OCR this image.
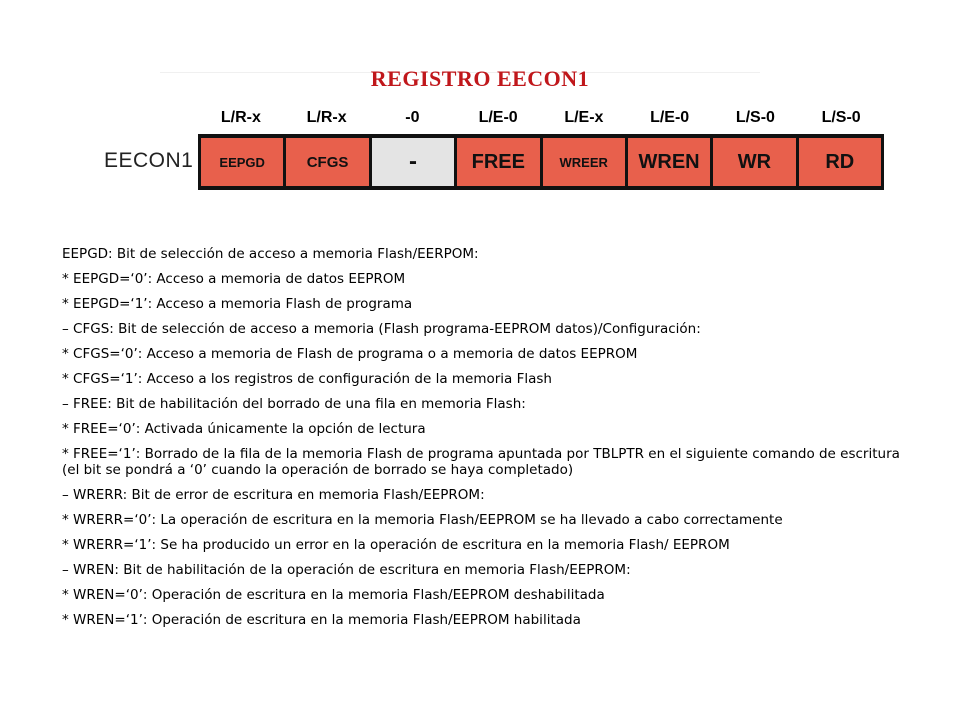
REGISTRO EECON1
L/R-x	L/R-x	-0	L/E-0	L/E-x	L/E-0	L/S-0	L/S-0
EECON1	EEPGD	CFGS	-	FREE	WREER	WREN	WR	RD
EEPGD: Bit de selección de acceso a memoria Flash/EERPOM:
* EEPGD=‘0’: Acceso a memoria de datos EEPROM
* EEPGD=‘1’: Acceso a memoria Flash de programa
– CFGS: Bit de selección de acceso a memoria (Flash programa-EEPROM datos)/Configuración:
* CFGS=‘0’: Acceso a memoria de Flash de programa o a memoria de datos EEPROM
* CFGS=‘1’: Acceso a los registros de configuración de la memoria Flash
– FREE: Bit de habilitación del borrado de una fila en memoria Flash:
* FREE=‘0’: Activada únicamente la opción de lectura
* FREE=‘1’: Borrado de la fila de la memoria Flash de programa apuntada por TBLPTR en el siguiente comando de escritura (el bit se pondrá a ‘0’ cuando la operación de borrado se haya completado)
– WRERR: Bit de error de escritura en memoria Flash/EEPROM:
* WRERR=‘0’: La operación de escritura en la memoria Flash/EEPROM se ha llevado a cabo correctamente
* WRERR=‘1’: Se ha producido un error en la operación de escritura en la memoria Flash/ EEPROM
– WREN: Bit de habilitación de la operación de escritura en memoria Flash/EEPROM:
* WREN=‘0’: Operación de escritura en la memoria Flash/EEPROM deshabilitada
* WREN=‘1’: Operación de escritura en la memoria Flash/EEPROM habilitada
